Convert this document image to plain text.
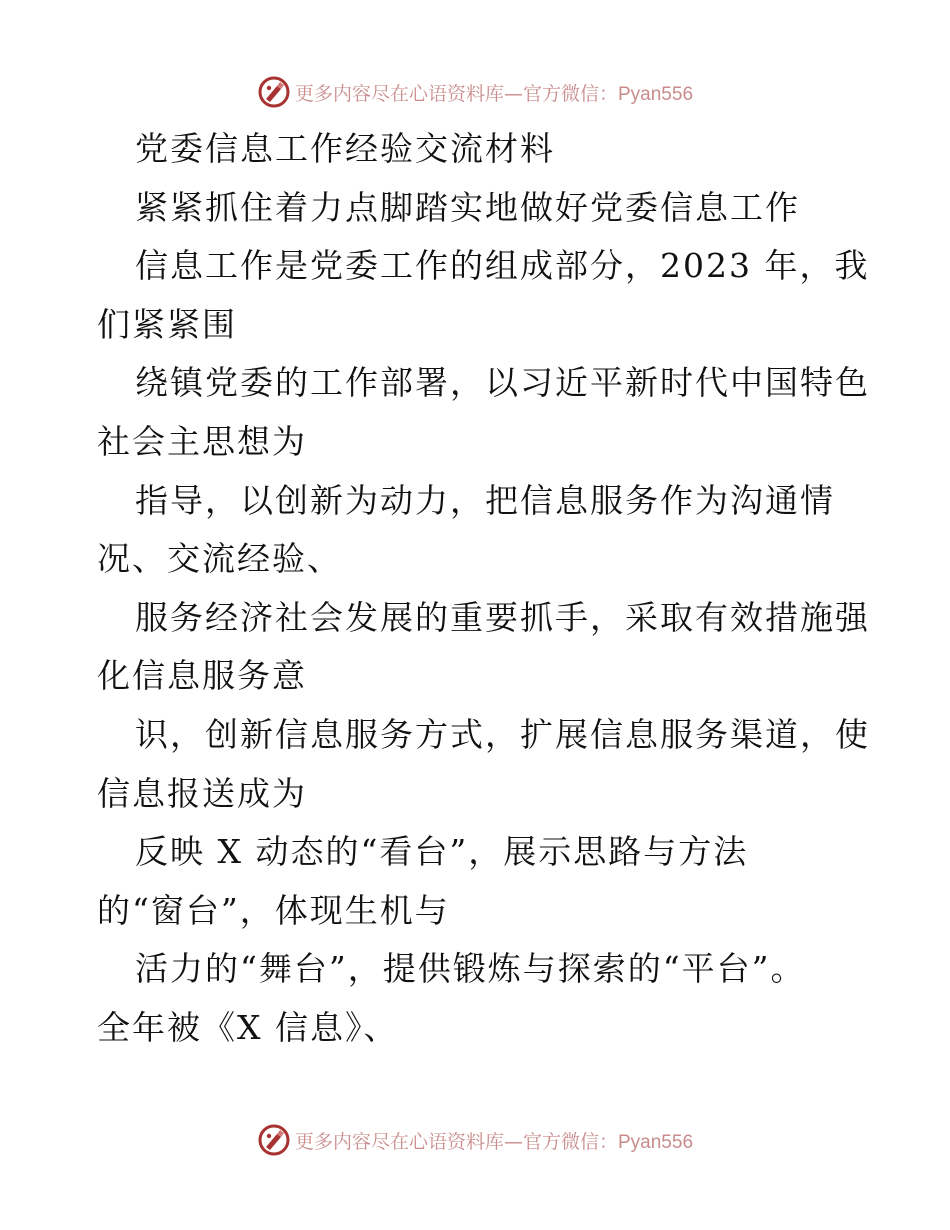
更多内容尽在心语资料库—官方微信：Pyan556
党委信息工作经验交流材料
紧紧抓住着力点脚踏实地做好党委信息工作
信息工作是党委工作的组成部分，2023 年，我
们紧紧围
绕镇党委的工作部署，以习近平新时代中国特色
社会主思想为
指导，以创新为动力，把信息服务作为沟通情
况、交流经验、
服务经济社会发展的重要抓手，采取有效措施强
化信息服务意
识，创新信息服务方式，扩展信息服务渠道，使
信息报送成为
反映 X 动态的“看台”，展示思路与方法
的“窗台”，体现生机与
活力的“舞台”，提供锻炼与探索的“平台”。
全年被《X 信息》、
更多内容尽在心语资料库—官方微信：Pyan556
